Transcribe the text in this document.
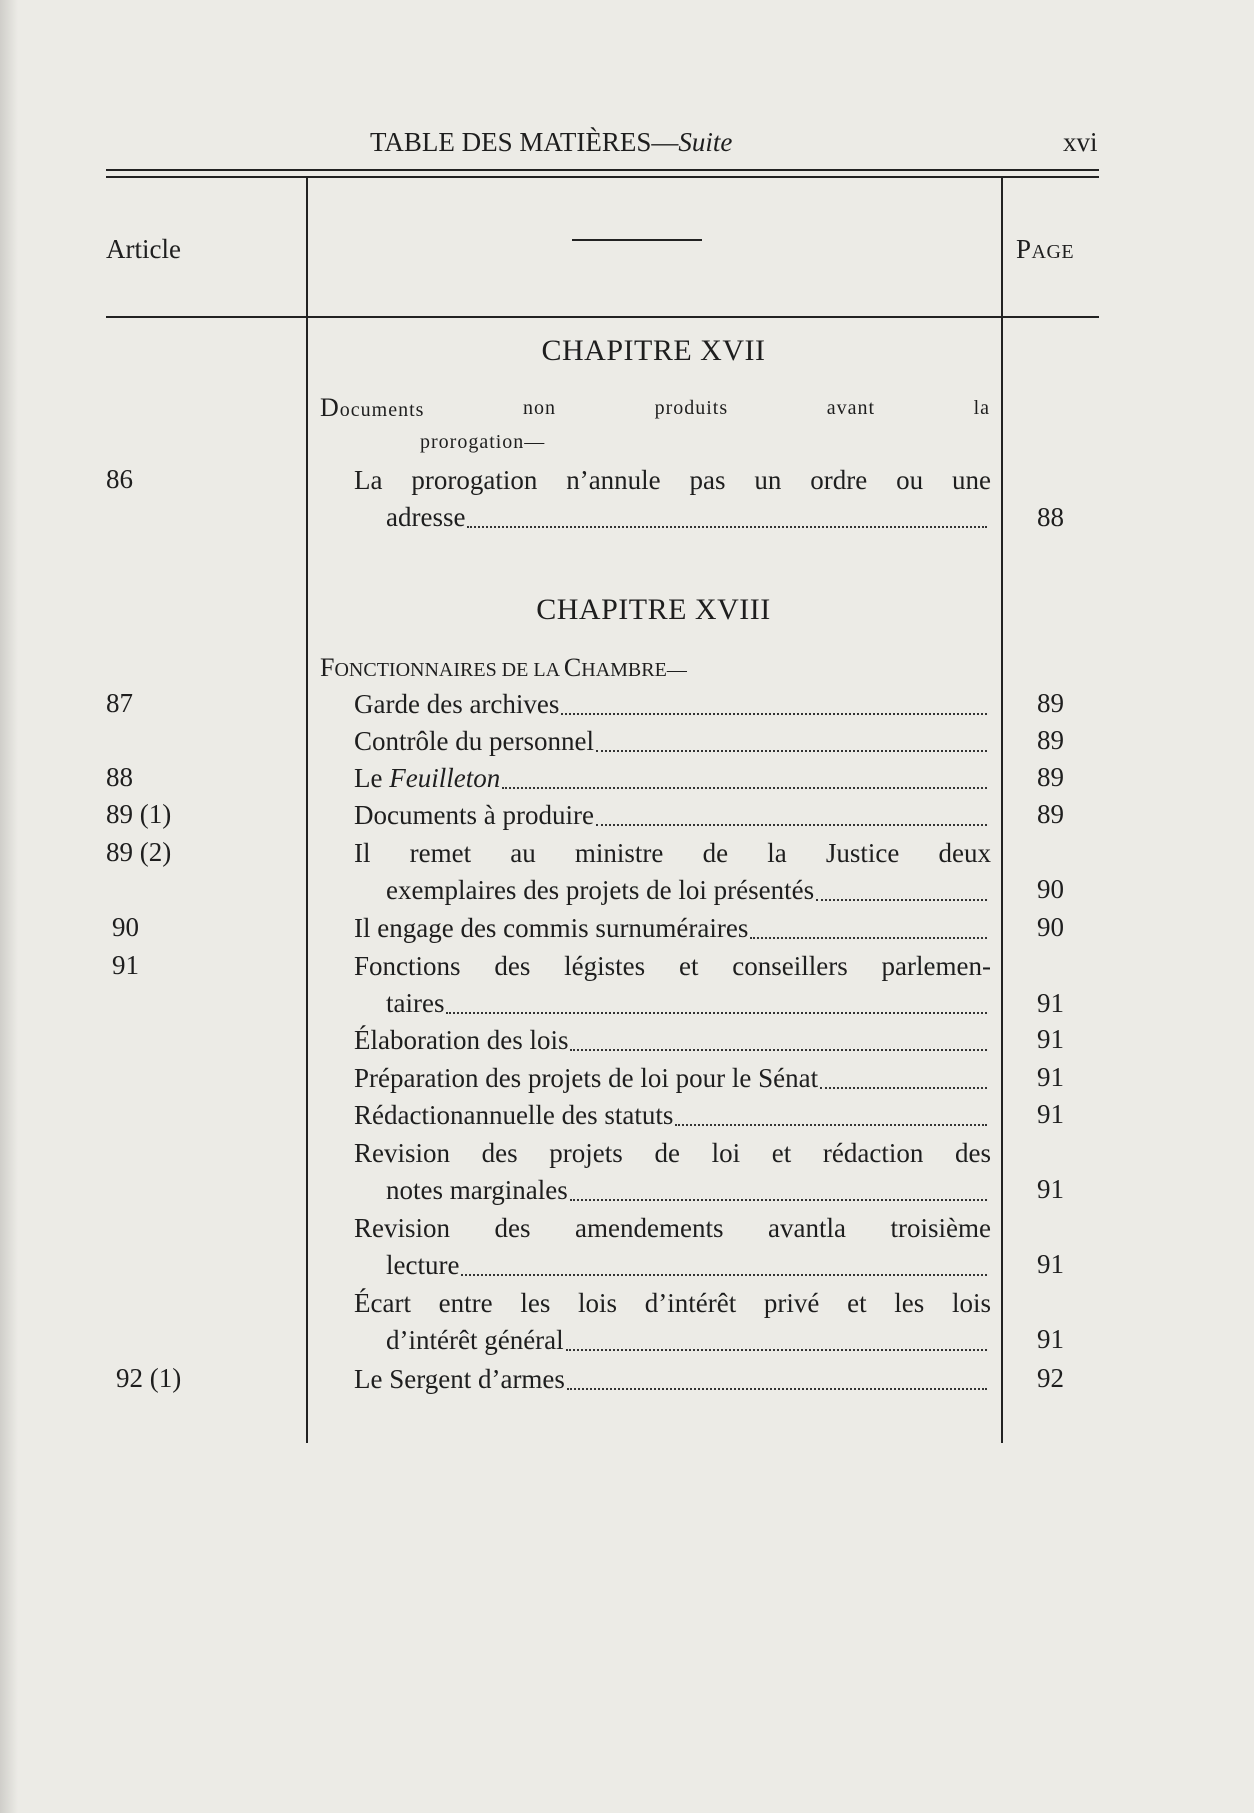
TABLE DES MATIÈRES—Suite	xvi
Article	PAGE
CHAPITRE XVII
Documents	non	produits	avant	la
prorogation—
86	La prorogation n’annule pas un ordre ou une
adresse	88
CHAPITRE XVIII
FONCTIONNAIRES DE LA CHAMBRE—
87	Garde des archives	89
Contrôle du personnel	89
88	Le Feuilleton	89
89 (1)	Documents à produire	89
89 (2)	Il remet au ministre de la Justice deux
exemplaires des projets de loi présentés	90
90	Il engage des commis surnuméraires	90
91	Fonctions des légistes et conseillers parlemen-
taires	91
Élaboration des lois	91
Préparation des projets de loi pour le Sénat	91
Rédactionannuelle des statuts	91
Revision des projets de loi et rédaction des
notes marginales	91
Revision des amendements avantla troisième
lecture	91
Écart entre les lois d’intérêt privé et les lois
d’intérêt général	91
92 (1)	Le Sergent d’armes	92
